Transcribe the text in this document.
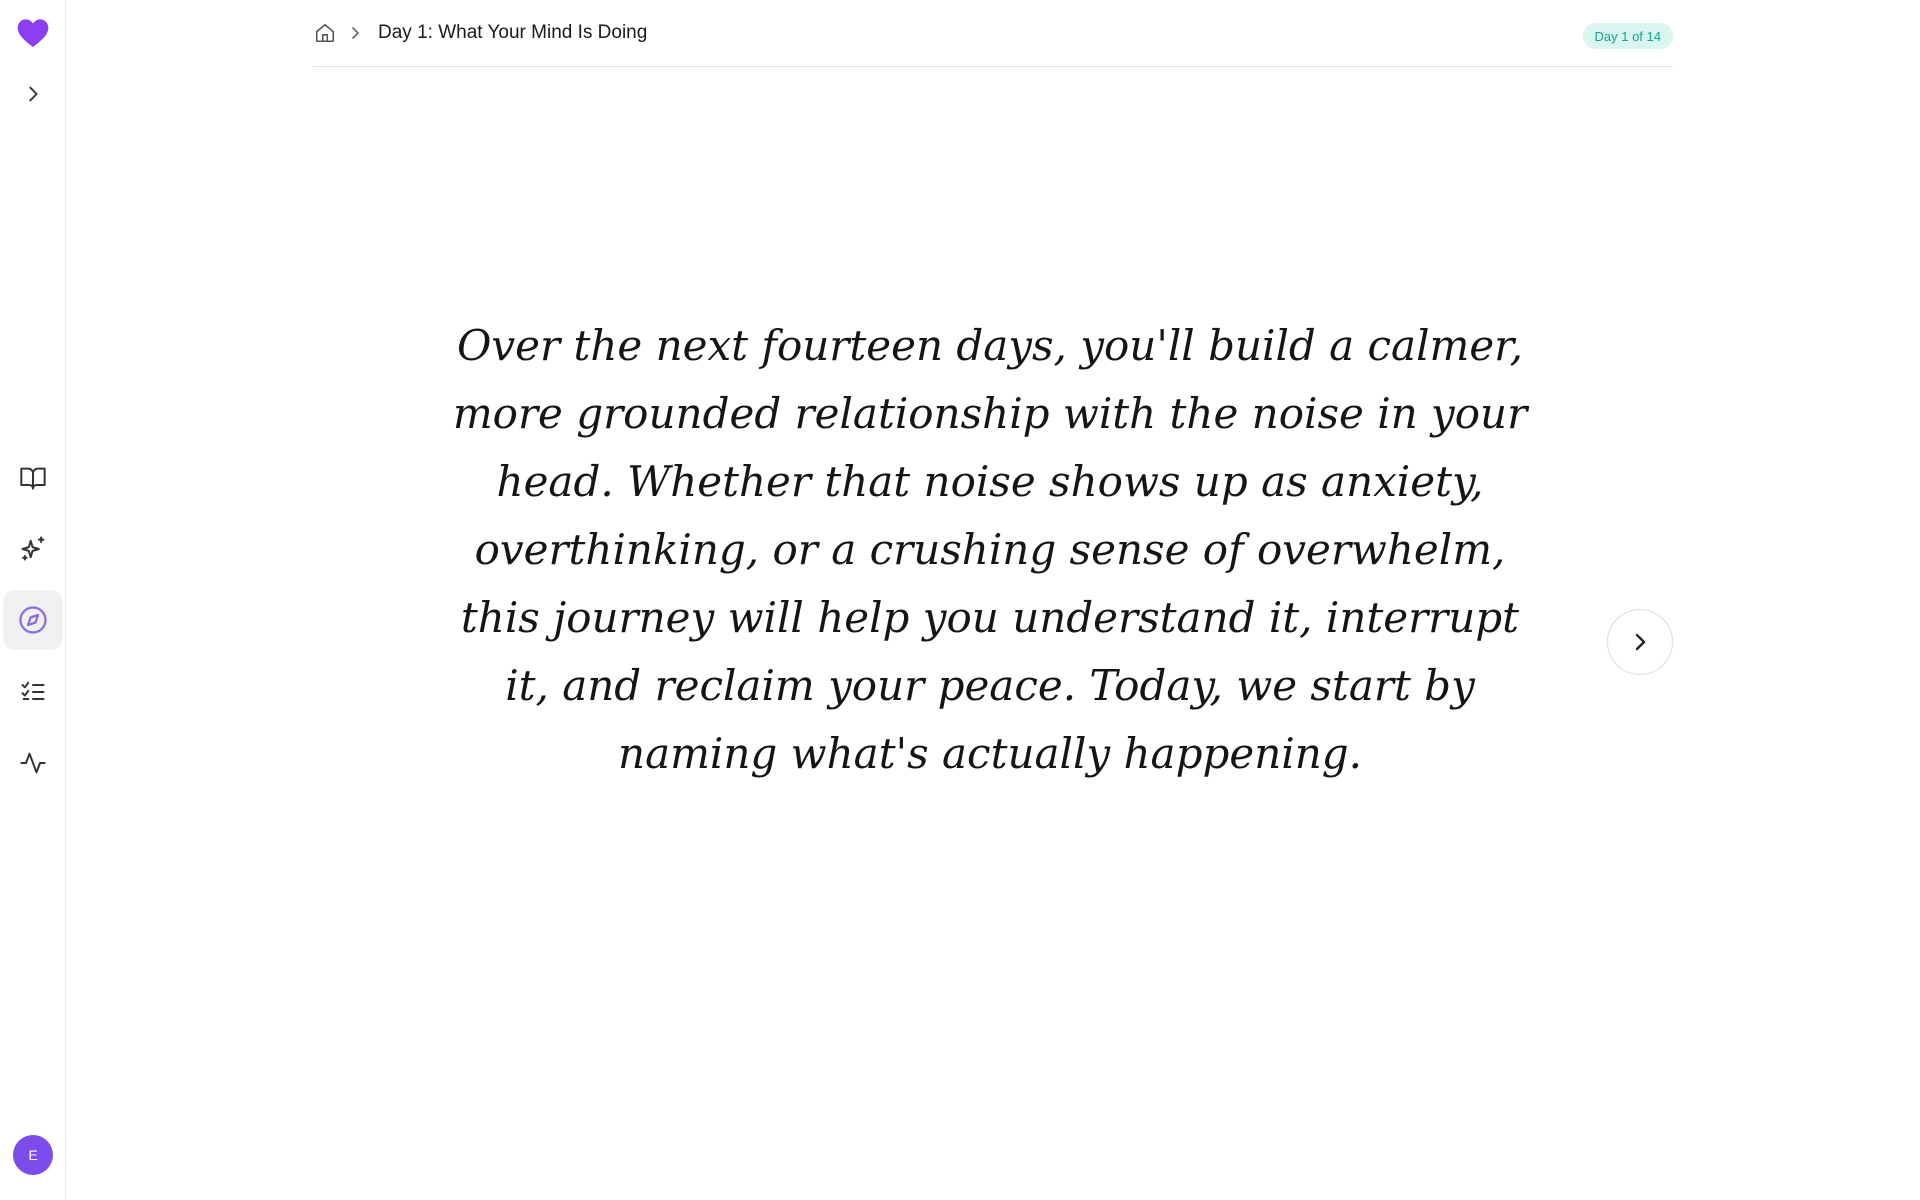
E
Day 1: What Your Mind Is Doing	Day 1 of 14

Over the next fourteen days, you'll build a calmer, more grounded relationship with the noise in your head. Whether that noise shows up as anxiety, overthinking, or a crushing sense of overwhelm, this journey will help you understand it, interrupt it, and reclaim your peace. Today, we start by naming what's actually happening.
